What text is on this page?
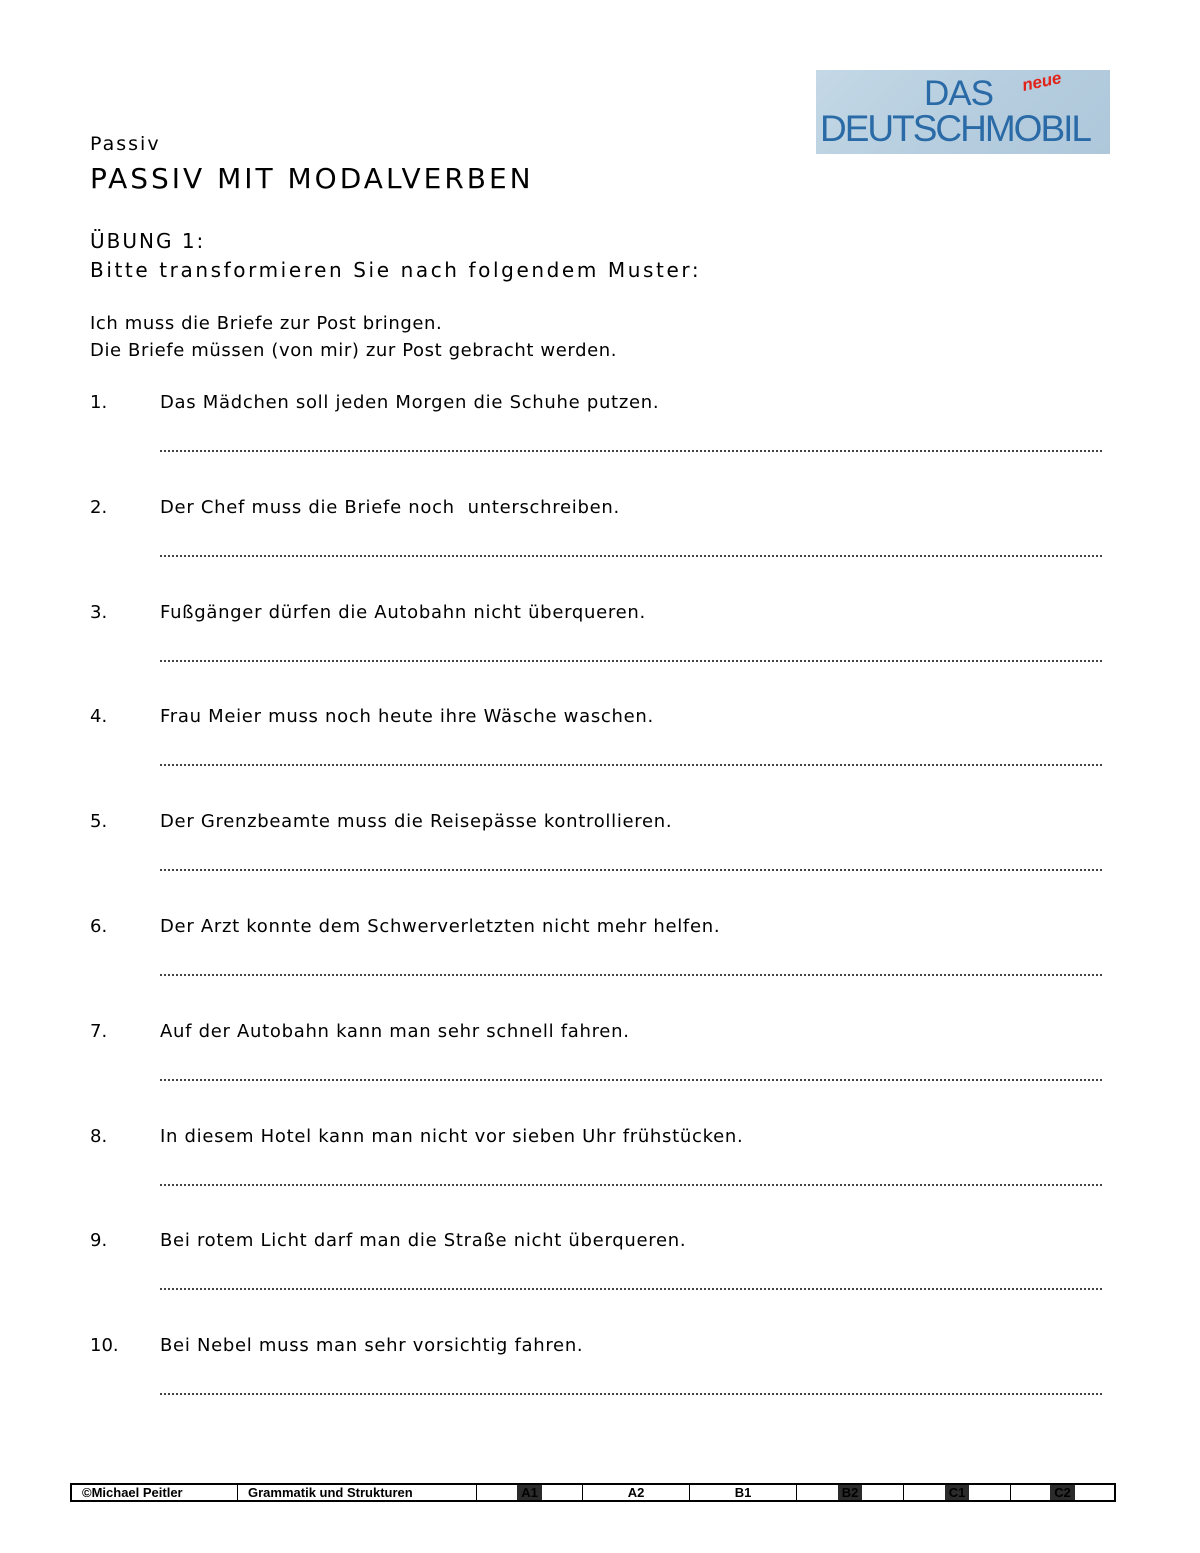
DAS neue
DEUTSCHMOBIL
Passiv
PASSIV MIT MODALVERBEN
ÜBUNG 1:
Bitte transformieren Sie nach folgendem Muster:
Ich muss die Briefe zur Post bringen.
Die Briefe müssen (von mir) zur Post gebracht werden.
1.	Das Mädchen soll jeden Morgen die Schuhe putzen.
2.	Der Chef muss die Briefe noch  unterschreiben.
3.	Fußgänger dürfen die Autobahn nicht überqueren.
4.	Frau Meier muss noch heute ihre Wäsche waschen.
5.	Der Grenzbeamte muss die Reisepässe kontrollieren.
6.	Der Arzt konnte dem Schwerverletzten nicht mehr helfen.
7.	Auf der Autobahn kann man sehr schnell fahren.
8.	In diesem Hotel kann man nicht vor sieben Uhr frühstücken.
9.	Bei rotem Licht darf man die Straße nicht überqueren.
10. Bei Nebel muss man sehr vorsichtig fahren.
©Michael Peitler	Grammatik und Strukturen	A1	A2	B1	B2	C1	C2
